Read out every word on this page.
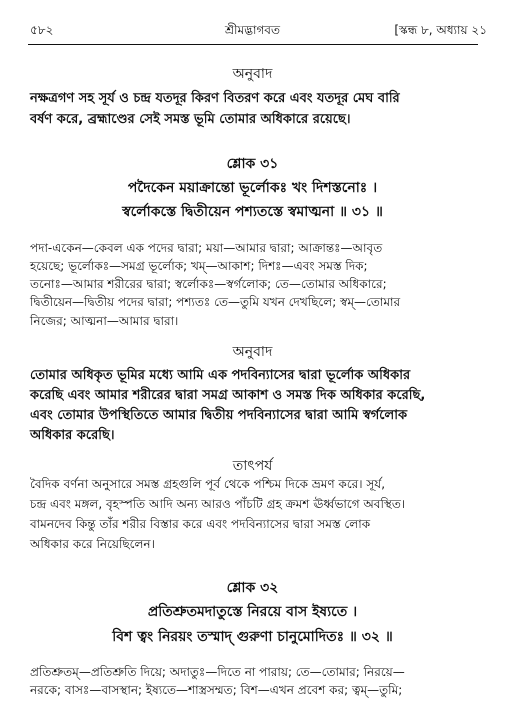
৫৮২	শ্রীমদ্ভাগবত	[স্কন্ধ ৮, অধ্যায় ২১
অনুবাদ
নক্ষত্রগণ সহ সূর্য ও চন্দ্র যতদূর কিরণ বিতরণ করে এবং যতদূর মেঘ বারি
বর্ষণ করে, ব্রহ্মাণ্ডের সেই সমস্ত ভূমি তোমার অধিকারে রয়েছে।
শ্লোক ৩১
পদৈকেন ময়াক্রান্তো ভূর্লোকঃ খং দিশস্তনোঃ ।
স্বর্লোকস্তে দ্বিতীয়েন পশ্যতস্তে স্বমাত্মনা ॥ ৩১ ॥
পদা-একেন—কেবল এক পদের দ্বারা; ময়া—আমার দ্বারা; আক্রান্তঃ—আবৃত
হয়েছে; ভূর্লোকঃ—সমগ্র ভূর্লোক; খম্—আকাশ; দিশঃ—এবং সমস্ত দিক;
তনোঃ—আমার শরীরের দ্বারা; স্বর্লোকঃ—স্বর্গলোক; তে—তোমার অধিকারে;
দ্বিতীয়েন—দ্বিতীয় পদের দ্বারা; পশ্যতঃ তে—তুমি যখন দেখছিলে; স্বম্—তোমার
নিজের; আত্মনা—আমার দ্বারা।
অনুবাদ
তোমার অধিকৃত ভূমির মধ্যে আমি এক পদবিন্যাসের দ্বারা ভূর্লোক অধিকার
করেছি এবং আমার শরীরের দ্বারা সমগ্র আকাশ ও সমস্ত দিক অধিকার করেছি,
এবং তোমার উপস্থিতিতে আমার দ্বিতীয় পদবিন্যাসের দ্বারা আমি স্বর্গলোক
অধিকার করেছি।
তাৎপর্য
বৈদিক বর্ণনা অনুসারে সমস্ত গ্রহগুলি পূর্ব থেকে পশ্চিম দিকে ভ্রমণ করে। সূর্য,
চন্দ্র এবং মঙ্গল, বৃহস্পতি আদি অন্য আরও পাঁচটি গ্রহ ক্রমশ ঊর্ধ্বভাগে অবস্থিত।
বামনদেব কিন্তু তাঁর শরীর বিস্তার করে এবং পদবিন্যাসের দ্বারা সমস্ত লোক
অধিকার করে নিয়েছিলেন।
শ্লোক ৩২
প্রতিশ্রুতমদাতুস্তে নিরয়ে বাস ইষ্যতে ।
বিশ ত্বং নিরয়ং তস্মাদ্ গুরুণা চানুমোদিতঃ ॥ ৩২ ॥
প্রতিশ্রুতম্—প্রতিশ্রুতি দিয়ে; অদাতুঃ—দিতে না পারায়; তে—তোমার; নিরয়ে—
নরকে; বাসঃ—বাসস্থান; ইষ্যতে—শাস্ত্রসম্মত; বিশ—এখন প্রবেশ কর; ত্বম্—তুমি;
